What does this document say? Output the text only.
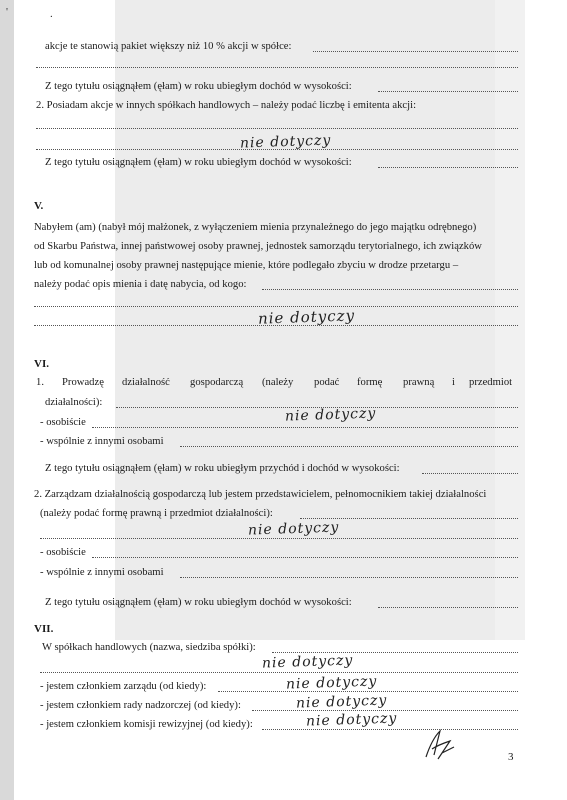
'	.
akcje te stanowią pakiet większy niż 10 % akcji w spółce:
Z tego tytułu osiągnąłem (ęłam) w roku ubiegłym dochód w wysokości:
2. Posiadam akcje w innych spółkach handlowych – należy podać liczbę i emitenta akcji:
nie dotyczy
Z tego tytułu osiągnąłem (ęłam) w roku ubiegłym dochód w wysokości:
V.
Nabyłem (am) (nabył mój małżonek, z wyłączeniem mienia przynależnego do jego majątku odrębnego)
od Skarbu Państwa, innej państwowej osoby prawnej, jednostek samorządu terytorialnego, ich związków
lub od komunalnej osoby prawnej następujące mienie, które podlegało zbyciu w drodze przetargu –
należy podać opis mienia i datę nabycia, od kogo:
nie dotyczy
VI.
1. Prowadzę działalność gospodarczą (należy podać formę prawną i przedmiot
działalności):
- osobiście	nie dotyczy
- wspólnie z innymi osobami
Z tego tytułu osiągnąłem (ęłam) w roku ubiegłym przychód i dochód w wysokości:
2. Zarządzam działalnością gospodarczą lub jestem przedstawicielem, pełnomocnikiem takiej działalności
(należy podać formę prawną i przedmiot działalności):
nie dotyczy
- osobiście
- wspólnie z innymi osobami
Z tego tytułu osiągnąłem (ęłam) w roku ubiegłym dochód w wysokości:
VII.
W spółkach handlowych (nazwa, siedziba spółki):
nie dotyczy
- jestem członkiem zarządu (od kiedy):	nie dotyczy
- jestem członkiem rady nadzorczej (od kiedy):	nie dotyczy
- jestem członkiem komisji rewizyjnej (od kiedy):	nie dotyczy
3
